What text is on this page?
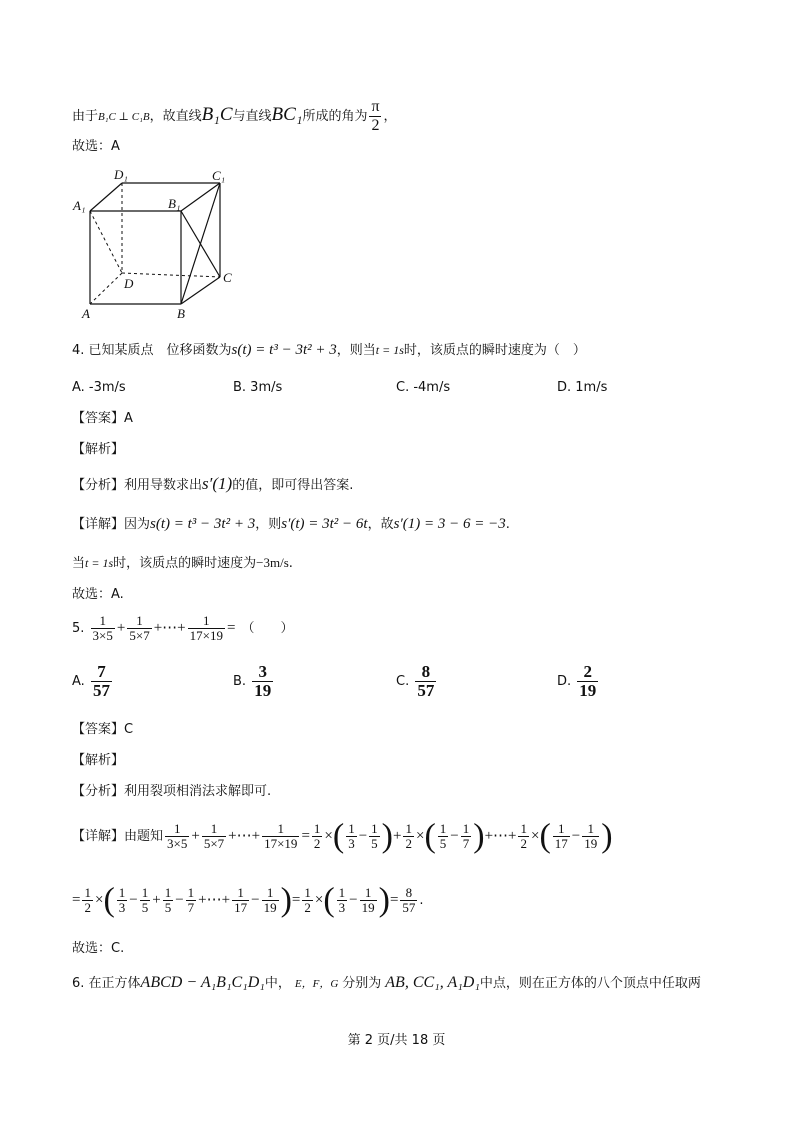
由于B₁C ⊥ C₁B，故直线B₁C与直线BC₁所成的角为 $\frac{\pi}{2}$ ，
故选：A
D₁	C₁
A₁	B₁
D	C
A	B
4. 已知某质点　位移函数为s(t) = t³ − 3t² + 3，则当t = 1s时，该质点的瞬时速度为（　）
A. -3m/s	B. 3m/s	C. -4m/s	D. 1m/s
【答案】A
【解析】
【分析】利用导数求出s′(1)的值，即可得出答案.
【详解】因为s(t) = t³ − 3t² + 3，则s′(t) = 3t² − 6t，故s′(1) = 3 − 6 = −3.
当t = 1s时，该质点的瞬时速度为−3m/s.
故选：A.
5. $\frac{1}{3\times 5} + \frac{1}{5\times 7}$ +⋯+ $\frac{1}{17\times 19}$ = （　　）
A. $\frac{7}{57}$	B. $\frac{3}{19}$	C. $\frac{8}{57}$	D. $\frac{2}{19}$
【答案】C
【解析】
【分析】利用裂项相消法求解即可.
【详解】由题知 $\frac{1}{3\times 5} + \frac{1}{5\times 7}$ +⋯+ $\frac{1}{17\times 19} = \frac{1}{2}$ ×( $\frac{1}{3} - \frac{1}{5}$ )+ $\frac{1}{2}$ ×( $\frac{1}{5} - \frac{1}{7}$ )+⋯+ $\frac{1}{2}$ ×( $\frac{1}{17} - \frac{1}{19}$ )
= $\frac{1}{2}$ ×( $\frac{1}{3} - \frac{1}{5} + \frac{1}{5} - \frac{1}{7}$ +⋯+ $\frac{1}{17} - \frac{1}{19}$ )= $\frac{1}{2}$ ×( $\frac{1}{3} - \frac{1}{19}$ )= $\frac{8}{57}$ .
故选：C.
6. 在正方体ABCD − A₁B₁C₁D₁中， E，F，G 分别为 AB, CC₁, A₁D₁中点，则在正方体的八个顶点中任取两
第 2 页/共 18 页
